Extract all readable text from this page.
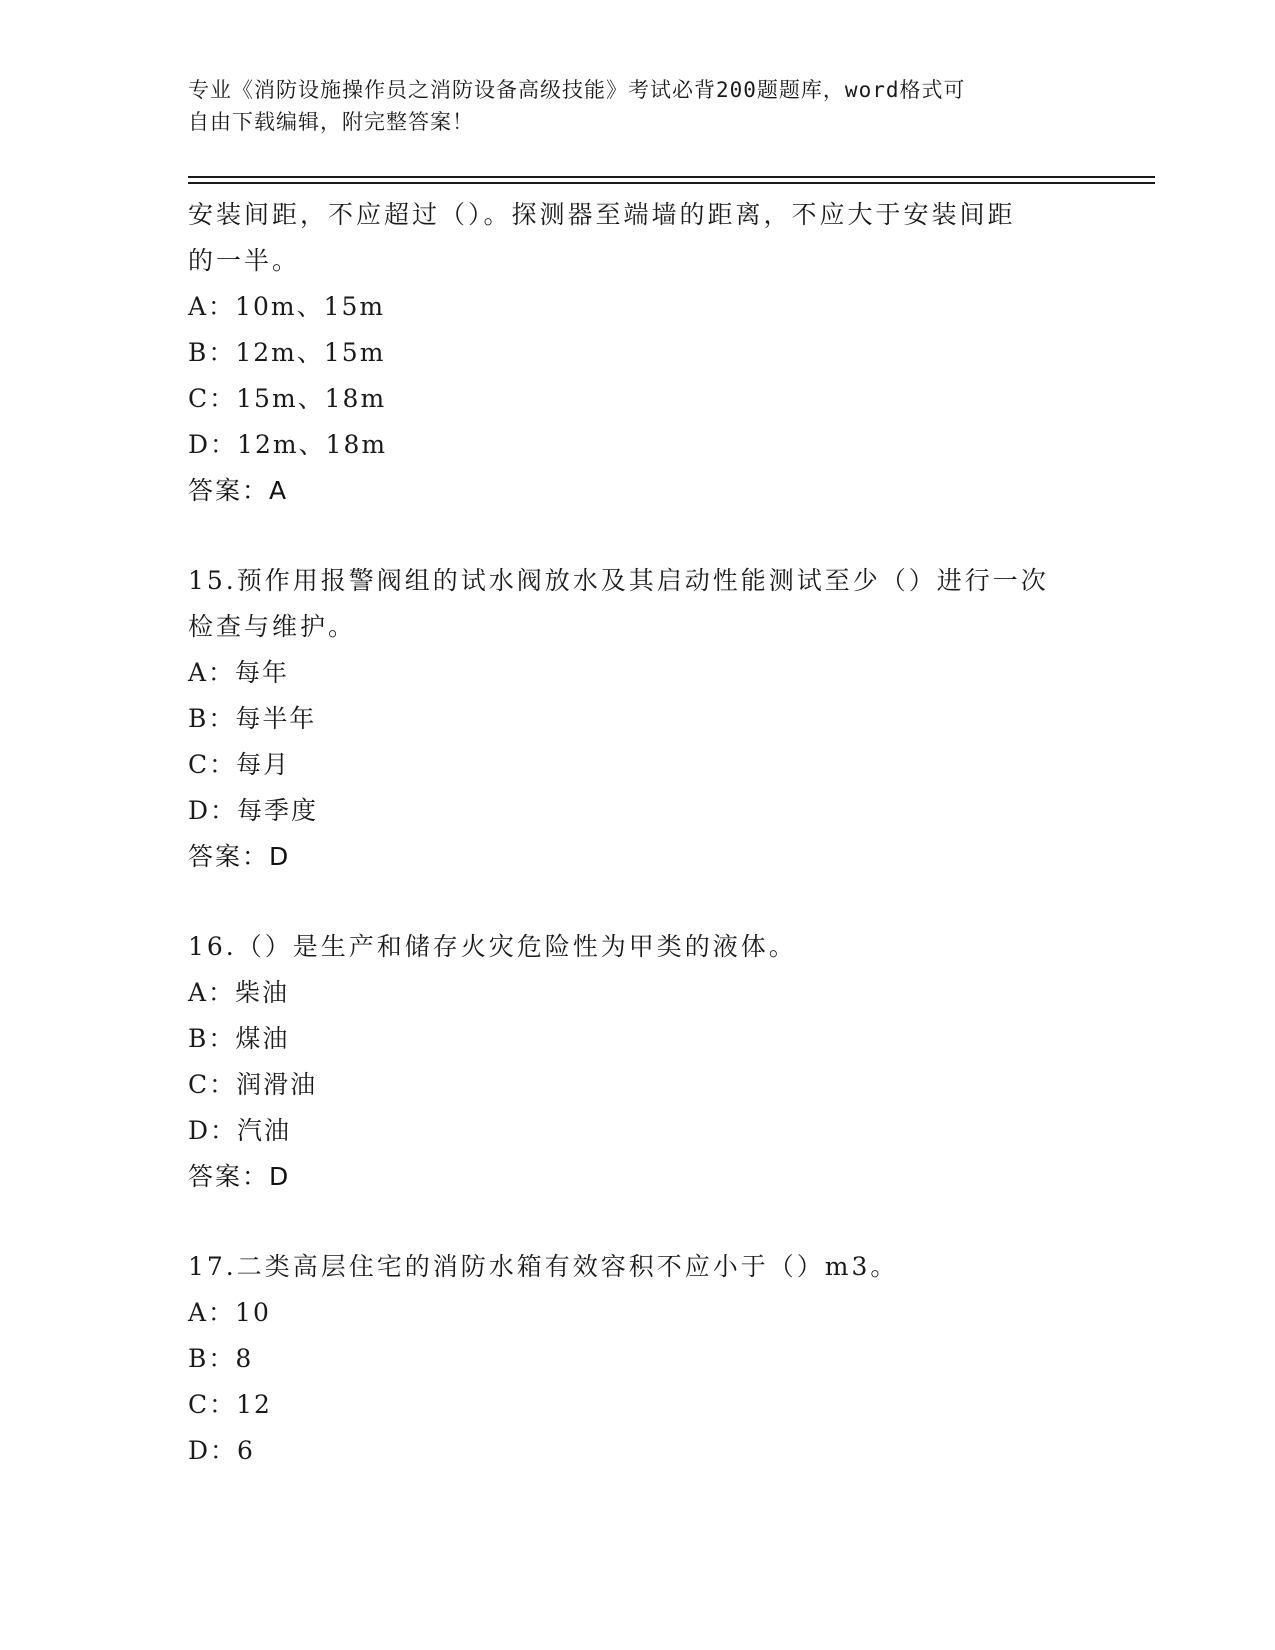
专业《消防设施操作员之消防设备高级技能》考试必背200题题库，word格式可
自由下载编辑，附完整答案！
安装间距，不应超过（）。探测器至端墙的距离，不应大于安装间距
的一半。
A：10m、15m
B：12m、15m
C：15m、18m
D：12m、18m
答案：A
15.预作用报警阀组的试水阀放水及其启动性能测试至少（）进行一次
检查与维护。
A：每年
B：每半年
C：每月
D：每季度
答案：D
16.（）是生产和储存火灾危险性为甲类的液体。
A：柴油
B：煤油
C：润滑油
D：汽油
答案：D
17.二类高层住宅的消防水箱有效容积不应小于（）m3。
A：10
B：8
C：12
D：6
